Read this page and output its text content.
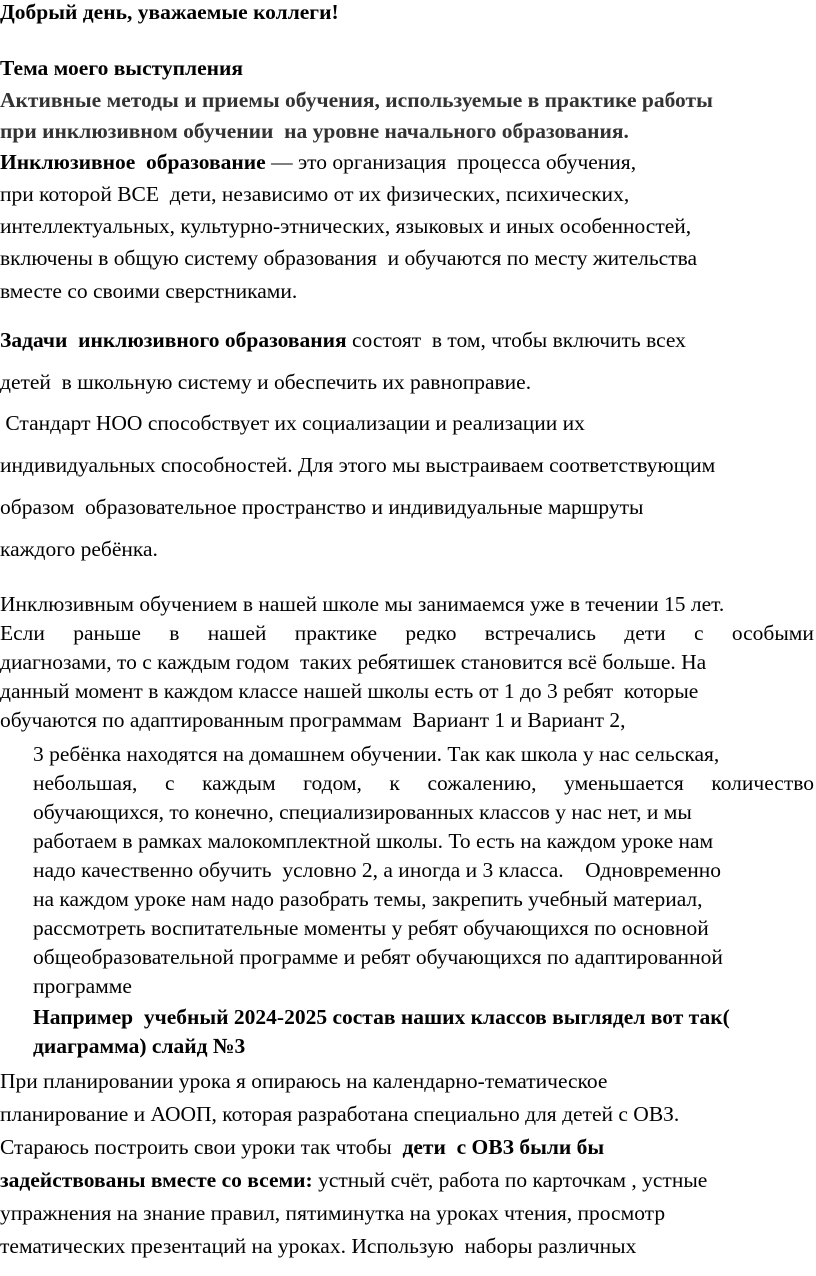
Добрый день, уважаемые коллеги!
Тема моего выступления
Активные методы и приемы обучения, используемые в практике работы
при инклюзивном обучении  на уровне начального образования.
Инклюзивное  образование — это организация  процесса обучения,
при которой ВСЕ  дети, независимо от их физических, психических,
интеллектуальных, культурно-этнических, языковых и иных особенностей,
включены в общую систему образования  и обучаются по месту жительства
вместе со своими сверстниками.
Задачи  инклюзивного образования состоят  в том, чтобы включить всех
детей  в школьную систему и обеспечить их равноправие.
Стандарт НОО способствует их социализации и реализации их
индивидуальных способностей. Для этого мы выстраиваем соответствующим
образом  образовательное пространство и индивидуальные маршруты
каждого ребёнка.
Инклюзивным обучением в нашей школе мы занимаемся уже в течении 15 лет.
Если раньше в нашей практике редко встречались дети с особыми
диагнозами, то с каждым годом  таких ребятишек становится всё больше. На
данный момент в каждом классе нашей школы есть от 1 до 3 ребят  которые
обучаются по адаптированным программам  Вариант 1 и Вариант 2,
3 ребёнка находятся на домашнем обучении. Так как школа у нас сельская,
небольшая, с каждым годом, к сожалению, уменьшается количество
обучающихся, то конечно, специализированных классов у нас нет, и мы
работаем в рамках малокомплектной школы. То есть на каждом уроке нам
надо качественно обучить  условно 2, а иногда и 3 класса.    Одновременно
на каждом уроке нам надо разобрать темы, закрепить учебный материал,
рассмотреть воспитательные моменты у ребят обучающихся по основной
общеобразовательной программе и ребят обучающихся по адаптированной
программе
Например  учебный 2024-2025 состав наших классов выглядел вот так(
диаграмма) слайд №3
При планировании урока я опираюсь на календарно-тематическое
планирование и АООП, которая разработана специально для детей с ОВЗ.
Стараюсь построить свои уроки так чтобы  дети  с ОВЗ были бы
задействованы вместе со всеми: устный счёт, работа по карточкам , устные
упражнения на знание правил, пятиминутка на уроках чтения, просмотр
тематических презентаций на уроках. Использую  наборы различных
